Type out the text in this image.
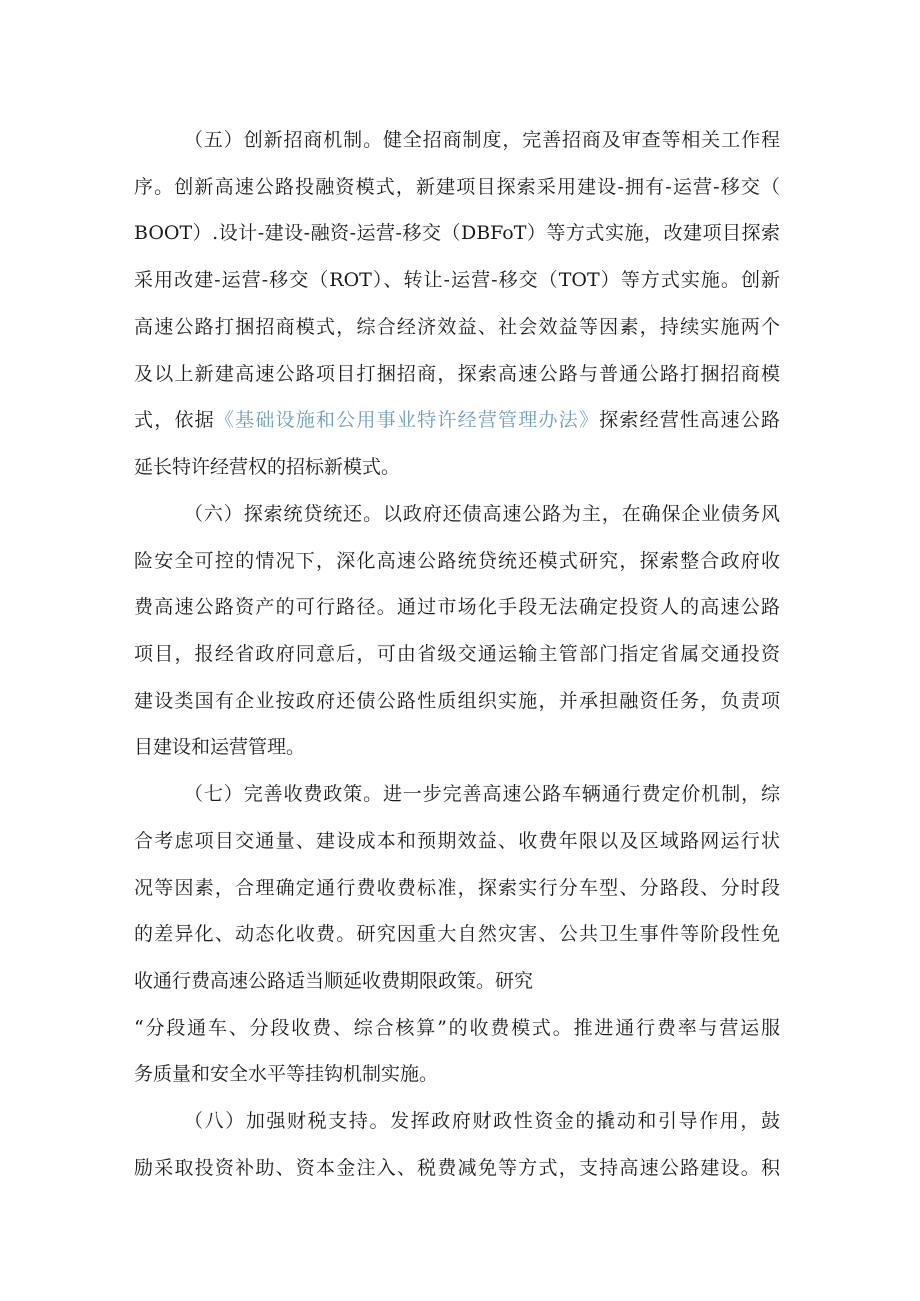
（五）创新招商机制。健全招商制度，完善招商及审查等相关工作程
序。创新高速公路投融资模式，新建项目探索采用建设-拥有-运营-移交（
BOOT）.设计-建设-融资-运营-移交（DBFoT）等方式实施，改建项目探索
采用改建-运营-移交（ROT）、转让-运营-移交（TOT）等方式实施。创新
高速公路打捆招商模式，综合经济效益、社会效益等因素，持续实施两个
及以上新建高速公路项目打捆招商，探索高速公路与普通公路打捆招商模
式，依据《基础设施和公用事业特许经营管理办法》探索经营性高速公路
延长特许经营权的招标新模式。
（六）探索统贷统还。以政府还债高速公路为主，在确保企业债务风
险安全可控的情况下，深化高速公路统贷统还模式研究，探索整合政府收
费高速公路资产的可行路径。通过市场化手段无法确定投资人的高速公路
项目，报经省政府同意后，可由省级交通运输主管部门指定省属交通投资
建设类国有企业按政府还债公路性质组织实施，并承担融资任务，负责项
目建设和运营管理。
（七）完善收费政策。进一步完善高速公路车辆通行费定价机制，综
合考虑项目交通量、建设成本和预期效益、收费年限以及区域路网运行状
况等因素，合理确定通行费收费标准，探索实行分车型、分路段、分时段
的差异化、动态化收费。研究因重大自然灾害、公共卫生事件等阶段性免
收通行费高速公路适当顺延收费期限政策。研究
“分段通车、分段收费、综合核算”的收费模式。推进通行费率与营运服
务质量和安全水平等挂钩机制实施。
（八）加强财税支持。发挥政府财政性资金的撬动和引导作用，鼓
励采取投资补助、资本金注入、税费减免等方式，支持高速公路建设。积
